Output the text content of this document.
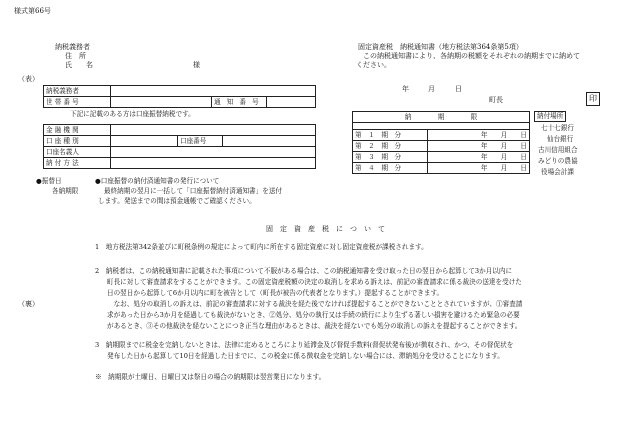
様式第66号
納税義務者
住　所
氏　　名	様
（表）
固定資産税　納税通知書（地方税法第364条第5項）
　この納税通知書により、各納期の税額をそれぞれの納期までに納めて
ください。
納税義務者			
世 帯 番 号		通 知 番 号	
下記に記載のある方は口座振替納税です。
金 融 機 関			
口 座 種 別		口座番号	
口座名義人			
納 付 方 法			
年	月	日
町長	印
納　　　　期　　　　限	

第　１　期　分	年　　月　　日
第　２　期　分	年　　月　　日
第　３　期　分	年　　月　　日
第　４　期　分	年　　月　　日
納付場所
七十七銀行
仙台銀行
古川信用組合
みどりの農協
役場会計課
●振替日
各納期限
●口座振替の納付済通知書の発行について
最終納期の翌月に一括して「口座振替納付済通知書」を送付
します。発送までの間は預金通帳でご確認ください。
固　定　資　産　税　に　つ　い　て
1　地方税法第342条並びに町税条例の規定によって町内に所在する固定資産に対し固定資産税が課税されます。
2　納税者は、この納税通知書に記載された事項について不服がある場合は、この納税通知書を受け取った日の翌日から起算して3か月以内に
町長に対して審査請求をすることができます。この固定資産税額の決定の取消しを求める訴えは、前記の審査請求に係る裁決の送達を受けた
日の翌日から起算して6か月以内に町を被告として（町長が被告の代表者となります。）提起することができます。
　なお、処分の取消しの訴えは、前記の審査請求に対する裁決を経た後でなければ提起することができないこととされていますが、①審査請
求があった日から3か月を経過しても裁決がないとき、②処分、処分の執行又は手続の続行により生ずる著しい損害を避けるため緊急の必要
があるとき、③その他裁決を経ないことにつき正当な理由があるときは、裁決を経ないでも処分の取消しの訴えを提起することができます。
（裏）
3　納期限までに税金を完納しないときは、法律に定めるところにより延滞金及び督促手数料(督促状発布後)が徴収され、かつ、その督促状を
発布した日から起算して10日を経過した日までに、この税金に係る徴収金を完納しない場合には、滞納処分を受けることになります。
※　納期限が土曜日、日曜日又は祭日の場合の納期限は翌営業日になります。
